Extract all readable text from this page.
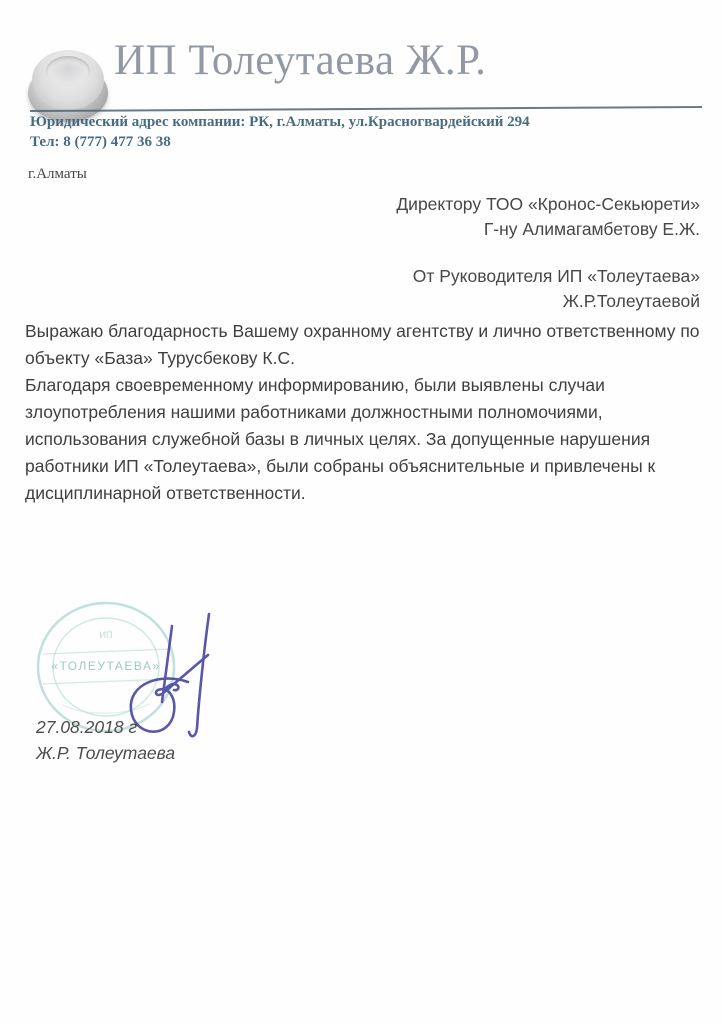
ИП Толеутаева Ж.Р.
Юридический адрес компании: РК, г.Алматы, ул.Красногвардейский 294
Тел: 8 (777) 477 36 38
г.Алматы
Директору ТОО «Кронос-Секьюрети»
Г-ну Алимагамбетову Е.Ж.
От Руководителя ИП «Толеутаева»
Ж.Р.Толеутаевой
Выражаю благодарность Вашему охранному агентству и лично ответственному по
объекту «База» Турусбекову К.С.
Благодаря своевременному информированию, были выявлены случаи
злоупотребления нашими работниками должностными полномочиями,
использования служебной базы в личных целях. За допущенные нарушения
работники ИП «Толеутаева», были собраны объяснительные и привлечены к
дисциплинарной ответственности.
ИП
«ТОЛЕУТАЕВА»
27.08.2018 г
Ж.Р. Толеутаева
